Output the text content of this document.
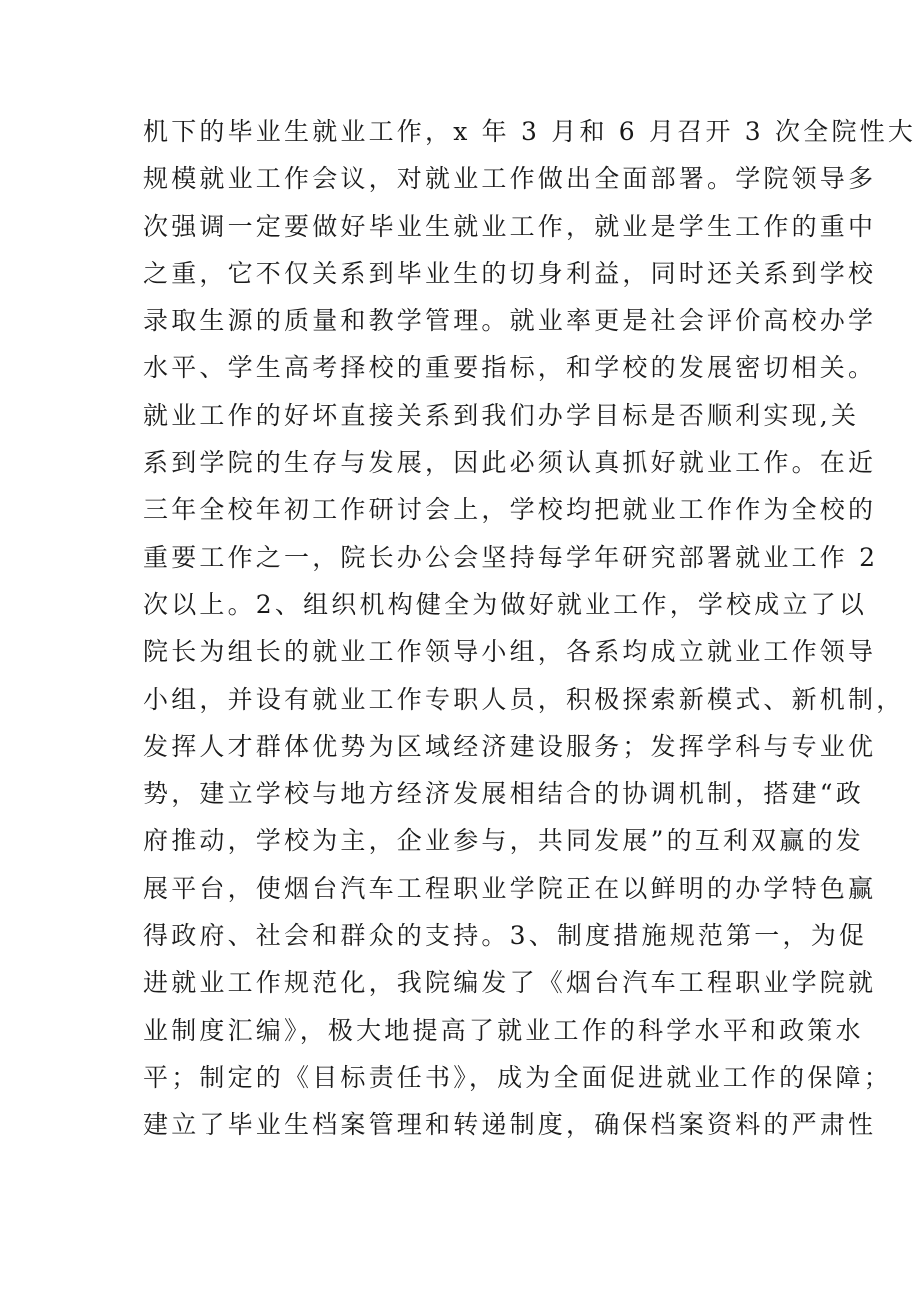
机下的毕业生就业工作，x 年 3 月和 6 月召开 3 次全院性大
规模就业工作会议，对就业工作做出全面部署。学院领导多
次强调一定要做好毕业生就业工作，就业是学生工作的重中
之重，它不仅关系到毕业生的切身利益，同时还关系到学校
录取生源的质量和教学管理。就业率更是社会评价高校办学
水平、学生高考择校的重要指标，和学校的发展密切相关。
就业工作的好坏直接关系到我们办学目标是否顺利实现,关
系到学院的生存与发展，因此必须认真抓好就业工作。在近
三年全校年初工作研讨会上，学校均把就业工作作为全校的
重要工作之一，院长办公会坚持每学年研究部署就业工作 2
次以上。2、组织机构健全为做好就业工作，学校成立了以
院长为组长的就业工作领导小组，各系均成立就业工作领导
小组，并设有就业工作专职人员，积极探索新模式、新机制，
发挥人才群体优势为区域经济建设服务；发挥学科与专业优
势，建立学校与地方经济发展相结合的协调机制，搭建“政
府推动，学校为主，企业参与，共同发展”的互利双赢的发
展平台，使烟台汽车工程职业学院正在以鲜明的办学特色赢
得政府、社会和群众的支持。3、制度措施规范第一，为促
进就业工作规范化，我院编发了《烟台汽车工程职业学院就
业制度汇编》，极大地提高了就业工作的科学水平和政策水
平；制定的《目标责任书》，成为全面促进就业工作的保障；
建立了毕业生档案管理和转递制度，确保档案资料的严肃性
